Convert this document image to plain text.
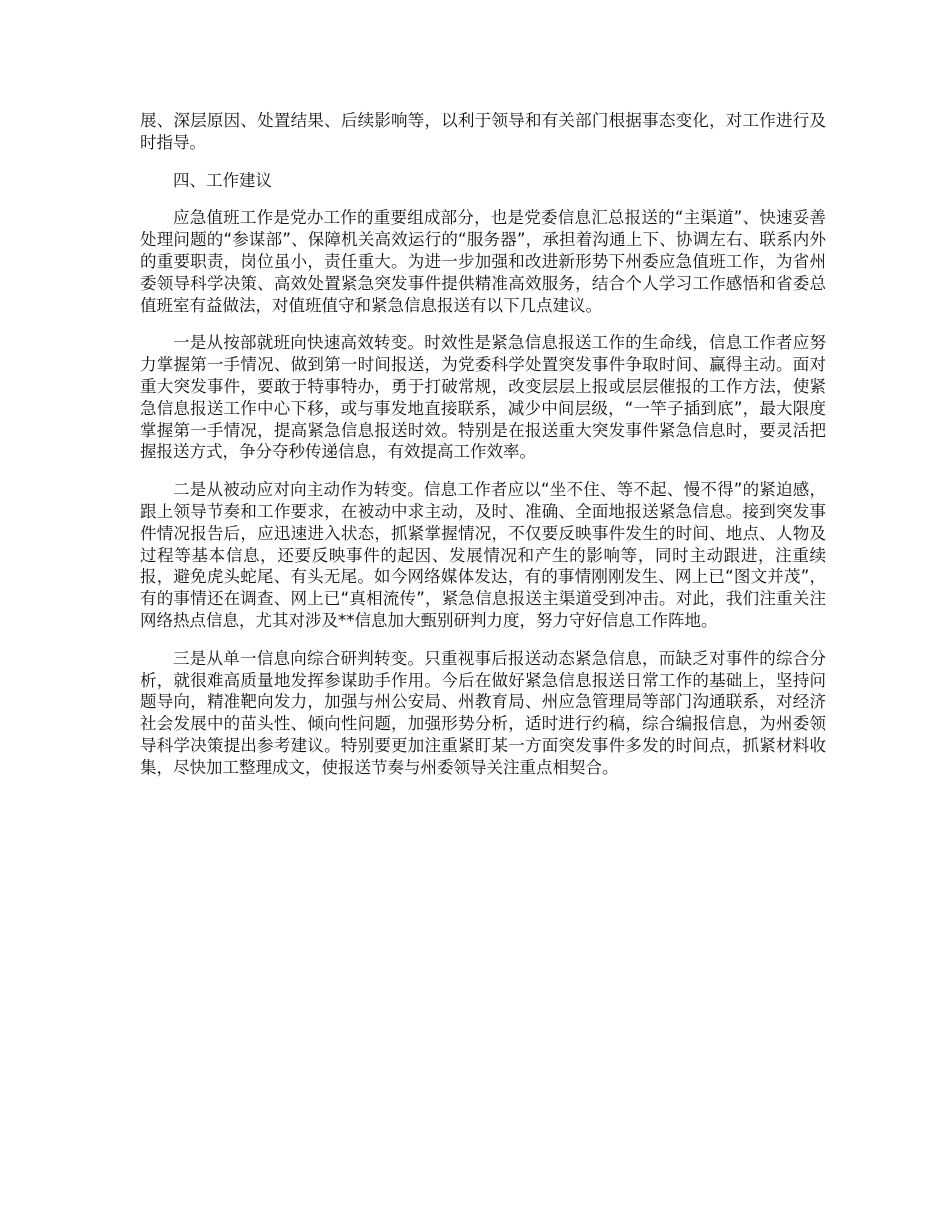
展、深层原因、处置结果、后续影响等，以利于领导和有关部门根据事态变化，对工作进行及时指导。

四、工作建议

应急值班工作是党办工作的重要组成部分，也是党委信息汇总报送的“主渠道”、快速妥善处理问题的“参谋部”、保障机关高效运行的“服务器”，承担着沟通上下、协调左右、联系内外的重要职责，岗位虽小，责任重大。为进一步加强和改进新形势下州委应急值班工作，为省州委领导科学决策、高效处置紧急突发事件提供精准高效服务，结合个人学习工作感悟和省委总值班室有益做法，对值班值守和紧急信息报送有以下几点建议。

一是从按部就班向快速高效转变。时效性是紧急信息报送工作的生命线，信息工作者应努力掌握第一手情况、做到第一时间报送，为党委科学处置突发事件争取时间、赢得主动。面对重大突发事件，要敢于特事特办，勇于打破常规，改变层层上报或层层催报的工作方法，使紧急信息报送工作中心下移，或与事发地直接联系，减少中间层级，“一竿子插到底”，最大限度掌握第一手情况，提高紧急信息报送时效。特别是在报送重大突发事件紧急信息时，要灵活把握报送方式，争分夺秒传递信息，有效提高工作效率。

二是从被动应对向主动作为转变。信息工作者应以“坐不住、等不起、慢不得”的紧迫感，跟上领导节奏和工作要求，在被动中求主动，及时、准确、全面地报送紧急信息。接到突发事件情况报告后，应迅速进入状态，抓紧掌握情况，不仅要反映事件发生的时间、地点、人物及过程等基本信息，还要反映事件的起因、发展情况和产生的影响等，同时主动跟进，注重续报，避免虎头蛇尾、有头无尾。如今网络媒体发达，有的事情刚刚发生、网上已“图文并茂”，有的事情还在调查、网上已“真相流传”，紧急信息报送主渠道受到冲击。对此，我们注重关注网络热点信息，尤其对涉及**信息加大甄别研判力度，努力守好信息工作阵地。

三是从单一信息向综合研判转变。只重视事后报送动态紧急信息，而缺乏对事件的综合分析，就很难高质量地发挥参谋助手作用。今后在做好紧急信息报送日常工作的基础上，坚持问题导向，精准靶向发力，加强与州公安局、州教育局、州应急管理局等部门沟通联系，对经济社会发展中的苗头性、倾向性问题，加强形势分析，适时进行约稿，综合编报信息，为州委领导科学决策提出参考建议。特别要更加注重紧盯某一方面突发事件多发的时间点，抓紧材料收集，尽快加工整理成文，使报送节奏与州委领导关注重点相契合。
